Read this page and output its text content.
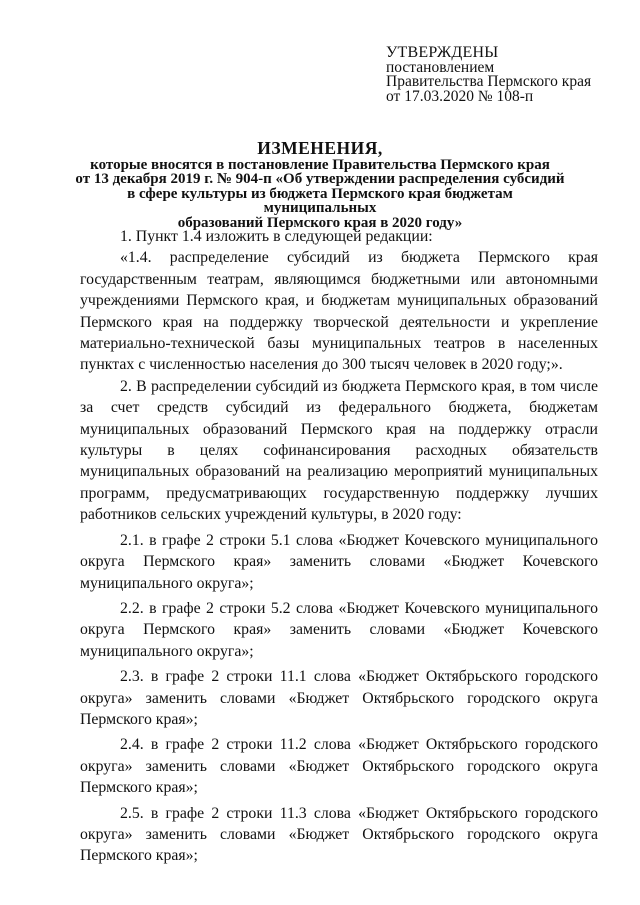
УТВЕРЖДЕНЫ
постановлением
Правительства Пермского края
от 17.03.2020 № 108-п
ИЗМЕНЕНИЯ,
которые вносятся в постановление Правительства Пермского края
от 13 декабря 2019 г. № 904-п «Об утверждении распределения субсидий
в сфере культуры из бюджета Пермского края бюджетам муниципальных
образований Пермского края в 2020 году»

1. Пункт 1.4 изложить в следующей редакции:

«1.4. распределение субсидий из бюджета Пермского края государственным театрам, являющимся бюджетными или автономными учреждениями Пермского края, и бюджетам муниципальных образований Пермского края на поддержку творческой деятельности и укрепление материально-технической базы муниципальных театров в населенных пунктах с численностью населения до 300 тысяч человек в 2020 году;».

2. В распределении субсидий из бюджета Пермского края, в том числе за счет средств субсидий из федерального бюджета, бюджетам муниципальных образований Пермского края на поддержку отрасли культуры в целях софинансирования расходных обязательств муниципальных образований на реализацию мероприятий муниципальных программ, предусматривающих государственную поддержку лучших работников сельских учреждений культуры, в 2020 году:

2.1. в графе 2 строки 5.1 слова «Бюджет Кочевского муниципального округа Пермского края» заменить словами «Бюджет Кочевского муниципального округа»;

2.2. в графе 2 строки 5.2 слова «Бюджет Кочевского муниципального округа Пермского края» заменить словами «Бюджет Кочевского муниципального округа»;

2.3. в графе 2 строки 11.1 слова «Бюджет Октябрьского городского округа» заменить словами «Бюджет Октябрьского городского округа Пермского края»;

2.4. в графе 2 строки 11.2 слова «Бюджет Октябрьского городского округа» заменить словами «Бюджет Октябрьского городского округа Пермского края»;

2.5. в графе 2 строки 11.3 слова «Бюджет Октябрьского городского округа» заменить словами «Бюджет Октябрьского городского округа Пермского края»;
